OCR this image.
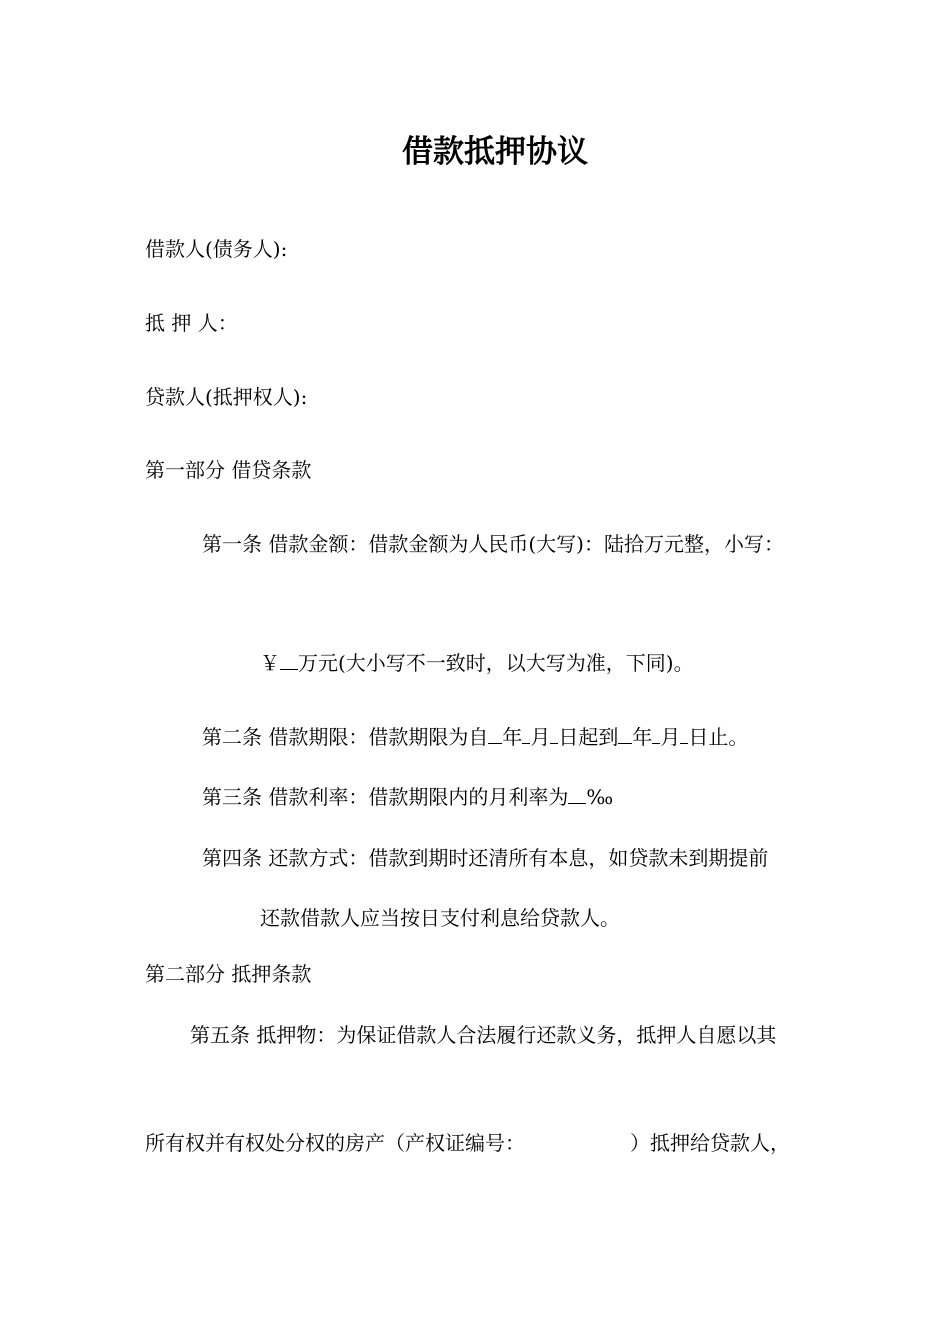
借款抵押协议
借款人(债务人):
抵 押 人：
贷款人(抵押权人):
第一部分 借贷条款
第一条 借款金额：借款金额为人民币(大写)：陆拾万元整，小写：
￥ 万元(大小写不一致时，以大写为准，下同)。
第二条 借款期限：借款期限为自 年 月 日起到 年 月 日止。
第三条 借款利率：借款期限内的月利率为 ‰
第四条 还款方式：借款到期时还清所有本息，如贷款未到期提前
还款借款人应当按日支付利息给贷款人。
第二部分 抵押条款
第五条 抵押物：为保证借款人合法履行还款义务，抵押人自愿以其
所有权并有权处分权的房产（产权证编号：	）抵押给贷款人，
